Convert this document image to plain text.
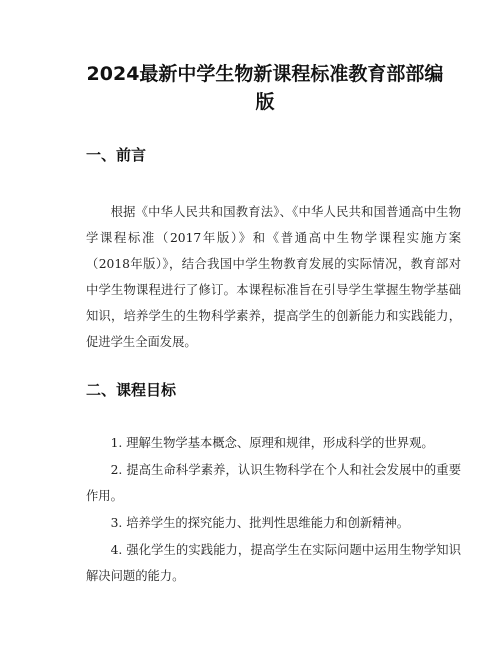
2024最新中学生物新课程标准教育部部编版
一、前言

根据《中华人民共和国教育法》、《中华人民共和国普通高中生物学课程标准（2017年版）》和《普通高中生物学课程实施方案（2018年版）》，结合我国中学生物教育发展的实际情况，教育部对中学生物课程进行了修订。本课程标准旨在引导学生掌握生物学基础知识，培养学生的生物科学素养，提高学生的创新能力和实践能力，促进学生全面发展。

二、课程目标
1. 理解生物学基本概念、原理和规律，形成科学的世界观。
2. 提高生命科学素养，认识生物科学在个人和社会发展中的重要作用。
3. 培养学生的探究能力、批判性思维能力和创新精神。
4. 强化学生的实践能力，提高学生在实际问题中运用生物学知识解决问题的能力。
